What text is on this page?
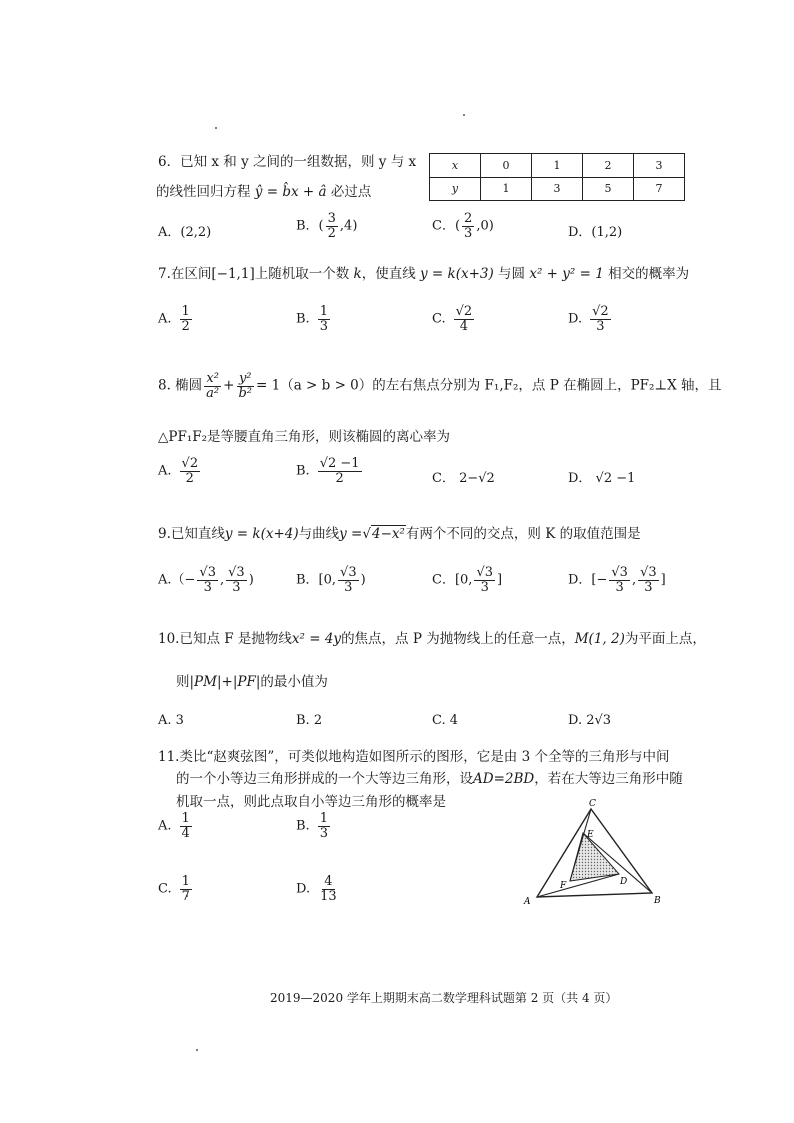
6．已知 x 和 y 之间的一组数据，则 y 与 x
的线性回归方程 ŷ = b̂x + â 必过点
x	0	1	2	3
y	1	3	5	7
A．(2,2)	B．( $\frac{3}{2} ,4$)	C．( $\frac{2}{3} ,0$)	D．(1,2)
7.在区间[−1,1]上随机取一个数 k，使直线 y = k(x+3) 与圆 x² + y² = 1 相交的概率为
A. $\frac{1}{2}$	B. $\frac{1}{3}$	C. $\frac{√2}{4}$	D. $\frac{√2}{3}$
8. 椭圆 $\frac{\text{x²}}{\text{a²}} + \frac{\text{y²}}{\text{b²}} = 1(a > b > 0)$的左右焦点分别为 F₁,F₂，点 P 在椭圆上，PF₂⊥X 轴，且
△PF₁F₂是等腰直角三角形，则该椭圆的离心率为
A. $\frac{√2}{2}$	B. $\frac{√2 -1}{2}$	C． 2−√2	D． √2 −1
9.已知直线y = k(x+4)与曲线y =√4−x²有两个不同的交点，则 K 的取值范围是
$A.(- \frac{√3}{3}$ , $\frac{√3}{3}$ )	B．[0, $\frac{√3}{3}$ )	C．[0, $\frac{√3}{3}$ ]	D．[− $\frac{√3}{3}$ , $\frac{√3}{3}$ ]
10.已知点 F 是抛物线x² = 4y的焦点，点 P 为抛物线上的任意一点，M(1, 2)为平面上点，
则|PM|+|PF|的最小值为
A. 3	B. 2	C. 4	D. 2√3
11.类比“赵爽弦图”，可类似地构造如图所示的图形，它是由 3 个全等的三角形与中间
的一个小等边三角形拼成的一个大等边三角形，设AD=2BD，若在大等边三角形中随
机取一点，则此点取自小等边三角形的概率是
A. $\frac{1}{4}$	B. $\frac{1}{3}$
C. $\frac{1}{7}$	D. $\frac{4}{13}$
C
E
F	D
A	B
2019—2020 学年上期期末高二数学理科试题第 2 页（共 4 页）
